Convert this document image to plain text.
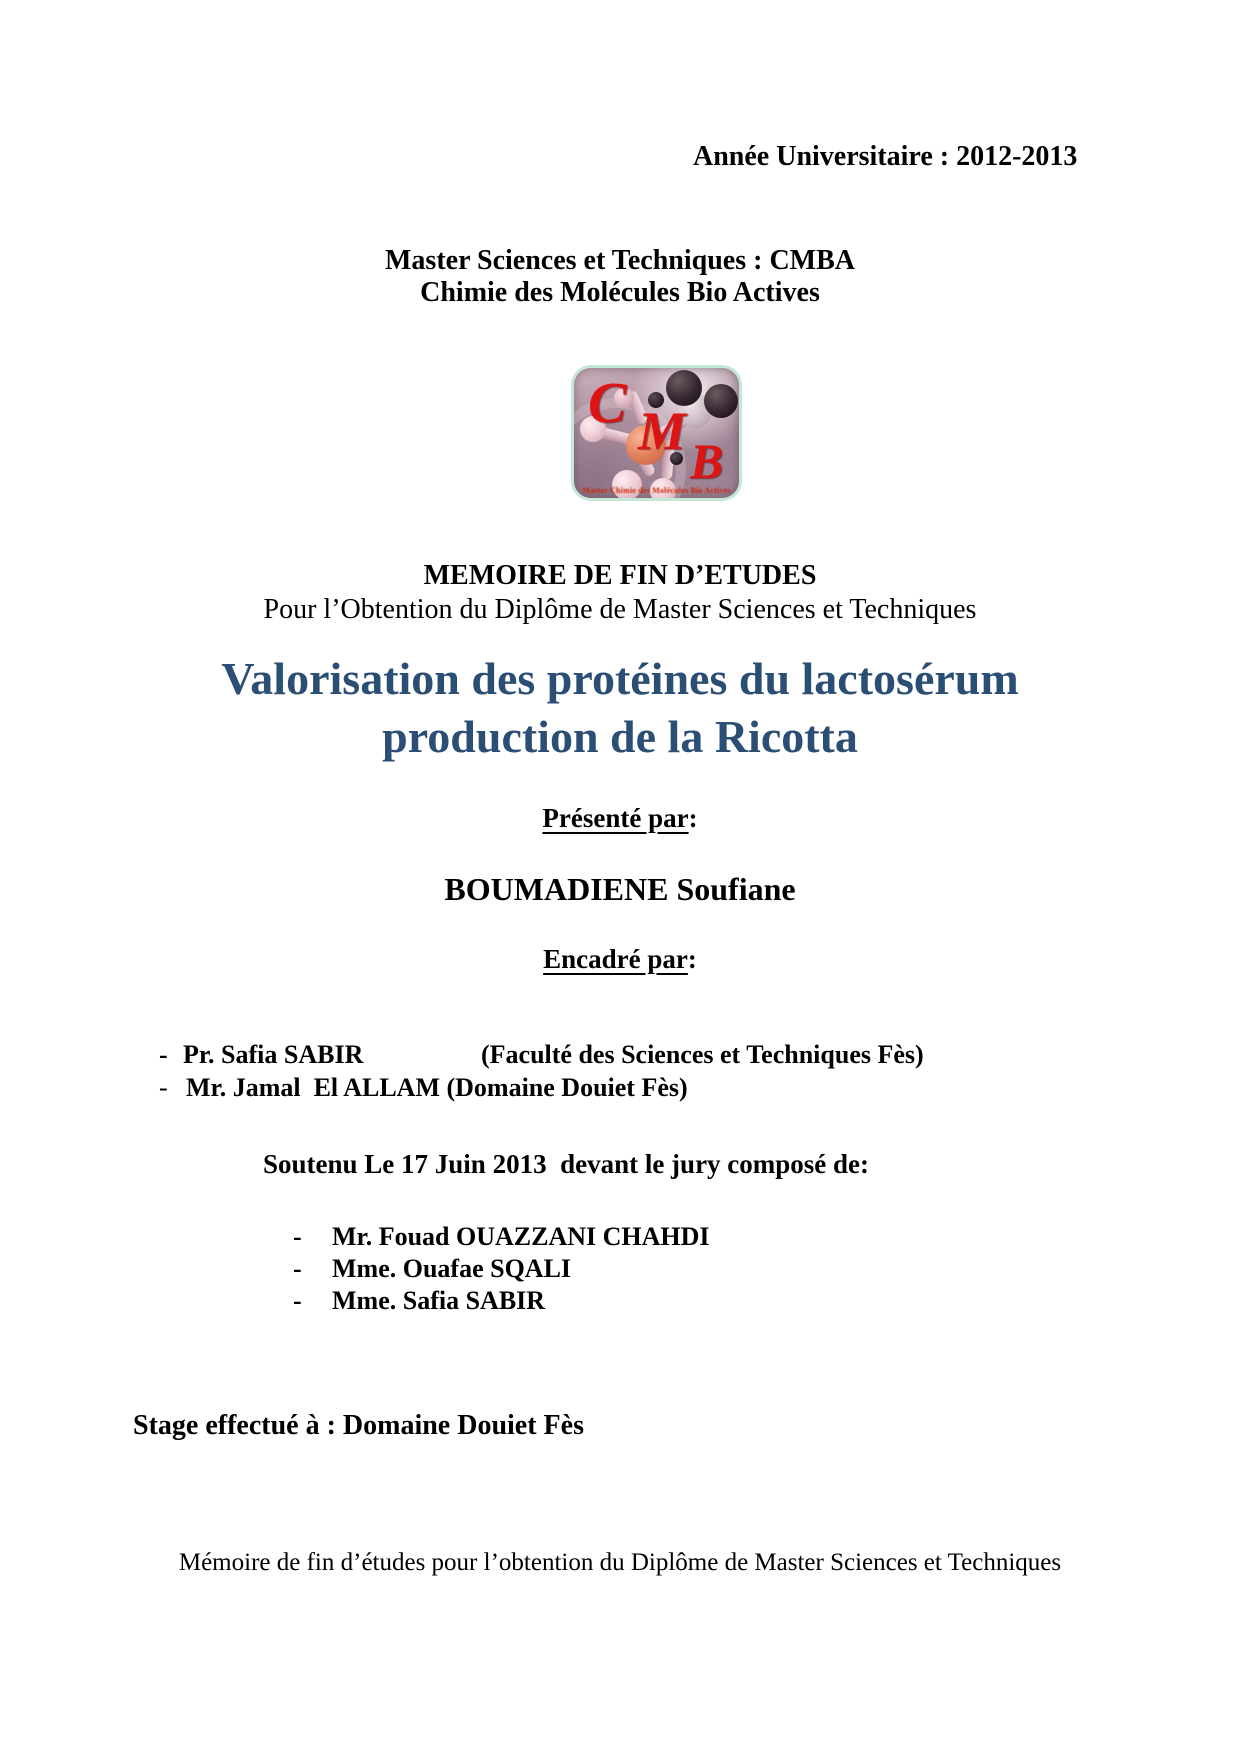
Année Universitaire : 2012-2013
Master Sciences et Techniques : CMBA
Chimie des Molécules Bio Actives
C M B
Master Chimie des Molécules Bio Actives
MEMOIRE DE FIN D’ETUDES
Pour l’Obtention du Diplôme de Master Sciences et Techniques
Valorisation des protéines du lactosérum
production de la Ricotta
Présenté par:
BOUMADIENE Soufiane
Encadré par:

- Pr. Safia SABIR	(Faculté des Sciences et Techniques Fès)

- Mr. Jamal  El ALLAM (Domaine Douiet Fès)

Soutenu Le 17 Juin 2013  devant le jury composé de:
- Mr. Fouad OUAZZANI CHAHDI
- Mme. Ouafae SQALI
- Mme. Safia SABIR
Stage effectué à : Domaine Douiet Fès
Mémoire de fin d’études pour l’obtention du Diplôme de Master Sciences et Techniques
